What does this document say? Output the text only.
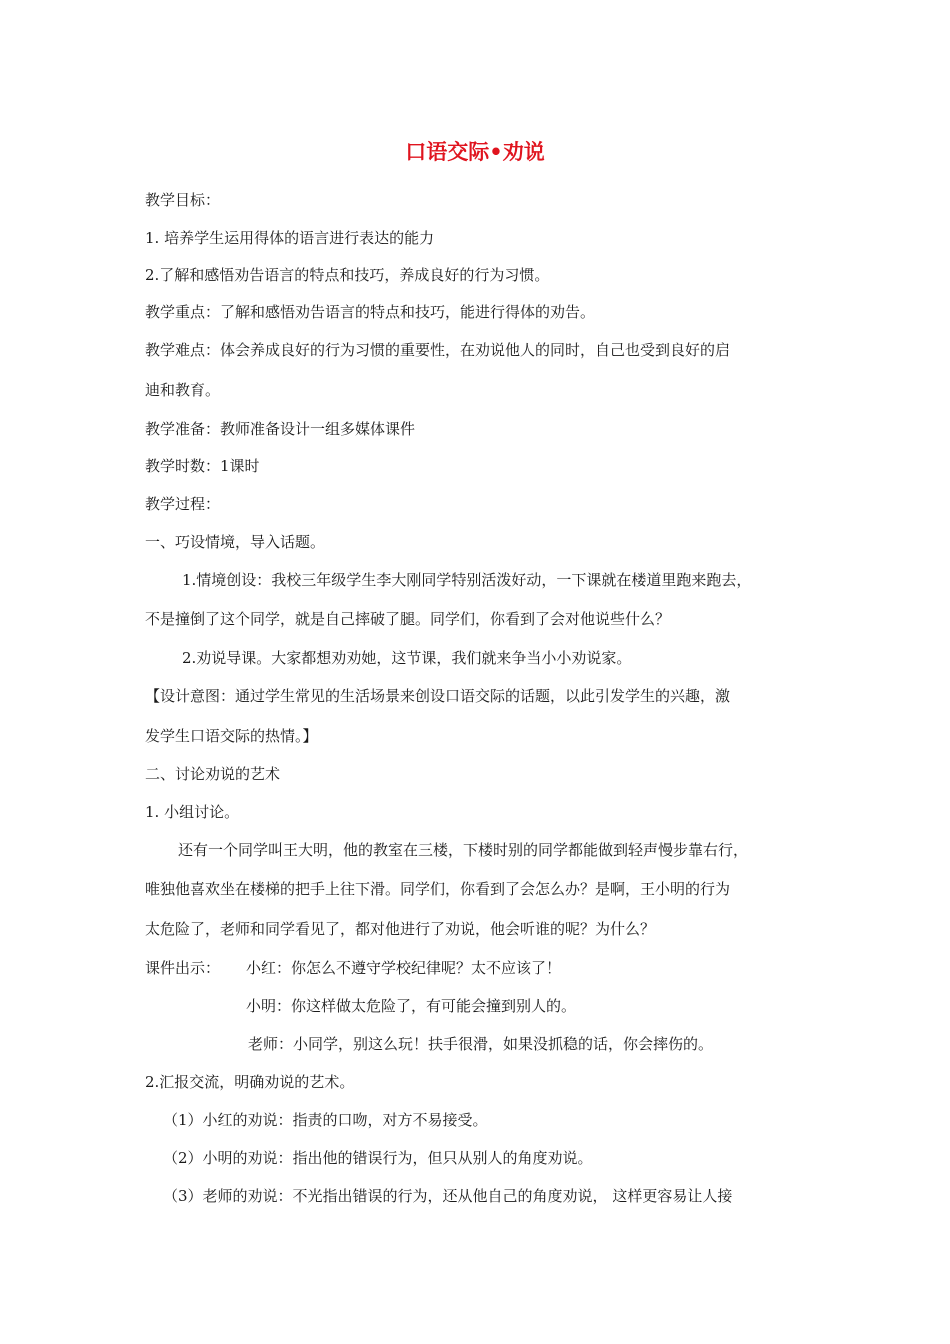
口语交际•劝说
教学目标：
1. 培养学生运用得体的语言进行表达的能力
2.了解和感悟劝告语言的特点和技巧，养成良好的行为习惯。
教学重点：了解和感悟劝告语言的特点和技巧，能进行得体的劝告。
教学难点：体会养成良好的行为习惯的重要性，在劝说他人的同时，自己也受到良好的启
迪和教育。
教学准备：教师准备设计一组多媒体课件
教学时数：1课时
教学过程：
一、巧设情境，导入话题。
1.情境创设：我校三年级学生李大刚同学特别活泼好动，一下课就在楼道里跑来跑去，
不是撞倒了这个同学，就是自己摔破了腿。同学们，你看到了会对他说些什么？
2.劝说导课。大家都想劝劝她，这节课，我们就来争当小小劝说家。
【设计意图：通过学生常见的生活场景来创设口语交际的话题，以此引发学生的兴趣，激
发学生口语交际的热情。】
二、讨论劝说的艺术
1. 小组讨论。
还有一个同学叫王大明，他的教室在三楼，下楼时别的同学都能做到轻声慢步靠右行，
唯独他喜欢坐在楼梯的把手上往下滑。同学们，你看到了会怎么办？是啊，王小明的行为
太危险了，老师和同学看见了，都对他进行了劝说，他会听谁的呢？为什么？
课件出示： 小红：你怎么不遵守学校纪律呢？太不应该了！
小明：你这样做太危险了，有可能会撞到别人的。
老师：小同学，别这么玩！扶手很滑，如果没抓稳的话，你会摔伤的。
2.汇报交流，明确劝说的艺术。
（1）小红的劝说：指责的口吻，对方不易接受。
（2）小明的劝说：指出他的错误行为，但只从别人的角度劝说。
（3）老师的劝说：不光指出错误的行为，还从他自己的角度劝说， 这样更容易让人接
